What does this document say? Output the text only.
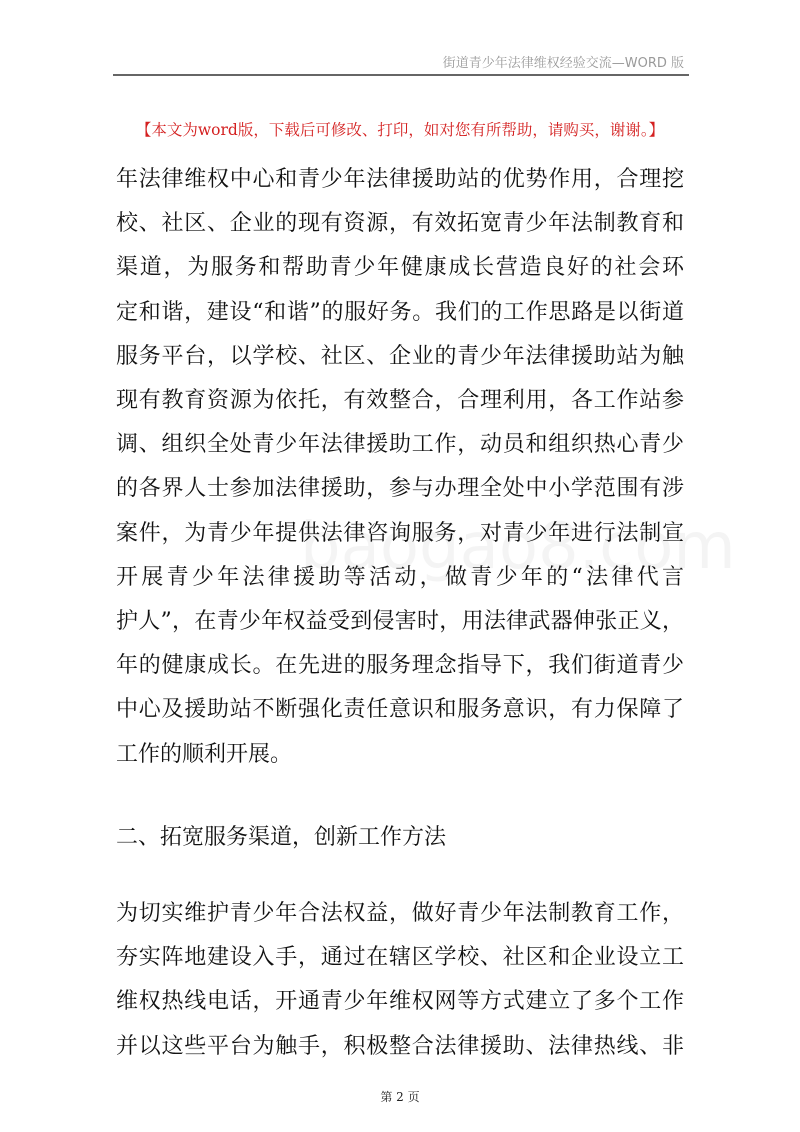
街道青少年法律维权经验交流—WORD 版
【本文为word版，下载后可修改、打印，如对您有所帮助，请购买，谢谢。】
年法律维权中心和青少年法律援助站的优势作用，合理挖
校、社区、企业的现有资源，有效拓宽青少年法制教育和
渠道，为服务和帮助青少年健康成长营造良好的社会环
定和谐，建设“和谐”的服好务。我们的工作思路是以街道
服务平台，以学校、社区、企业的青少年法律援助站为触
现有教育资源为依托，有效整合，合理利用，各工作站参
调、组织全处青少年法律援助工作，动员和组织热心青少
的各界人士参加法律援助，参与办理全处中小学范围有涉
案件，为青少年提供法律咨询服务，对青少年进行法制宣
开展青少年法律援助等活动，做青少年的“法律代言
护人”，在青少年权益受到侵害时，用法律武器伸张正义，
年的健康成长。在先进的服务理念指导下，我们街道青少
中心及援助站不断强化责任意识和服务意识，有力保障了
工作的顺利开展。
二、拓宽服务渠道，创新工作方法
为切实维护青少年合法权益，做好青少年法制教育工作，
夯实阵地建设入手，通过在辖区学校、社区和企业设立工
维权热线电话，开通青少年维权网等方式建立了多个工作
并以这些平台为触手，积极整合法律援助、法律热线、非
第 2 页
